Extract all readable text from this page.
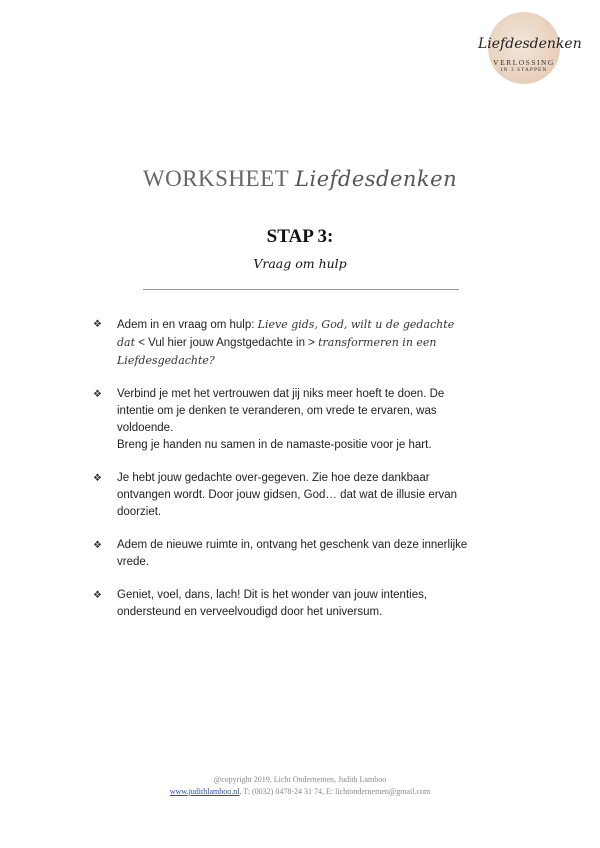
Liefdesdenken
VERLOSSING
IN 3 STAPPEN
WORKSHEET Liefdesdenken
STAP 3:
Vraag om hulp
❖	Adem in en vraag om hulp: Lieve gids, God, wilt u de gedachte dat < Vul hier jouw Angstgedachte in > transformeren in een Liefdesgedachte?
❖	Verbind je met het vertrouwen dat jij niks meer hoeft te doen. De intentie om je denken te veranderen, om vrede te ervaren, was voldoende.
Breng je handen nu samen in de namaste-positie voor je hart.
❖	Je hebt jouw gedachte over-gegeven. Zie hoe deze dankbaar ontvangen wordt. Door jouw gidsen, God… dat wat de illusie ervan doorziet.
❖	Adem de nieuwe ruimte in, ontvang het geschenk van deze innerlijke vrede.
❖	Geniet, voel, dans, lach! Dit is het wonder van jouw intenties, ondersteund en verveelvoudigd door het universum.
@copyright 2019, Licht Ondernemen, Judith Lamboo
www.judithlamboo.nl, T: (0032) 0478-24 31 74, E: lichtondernemen@gmail.com
